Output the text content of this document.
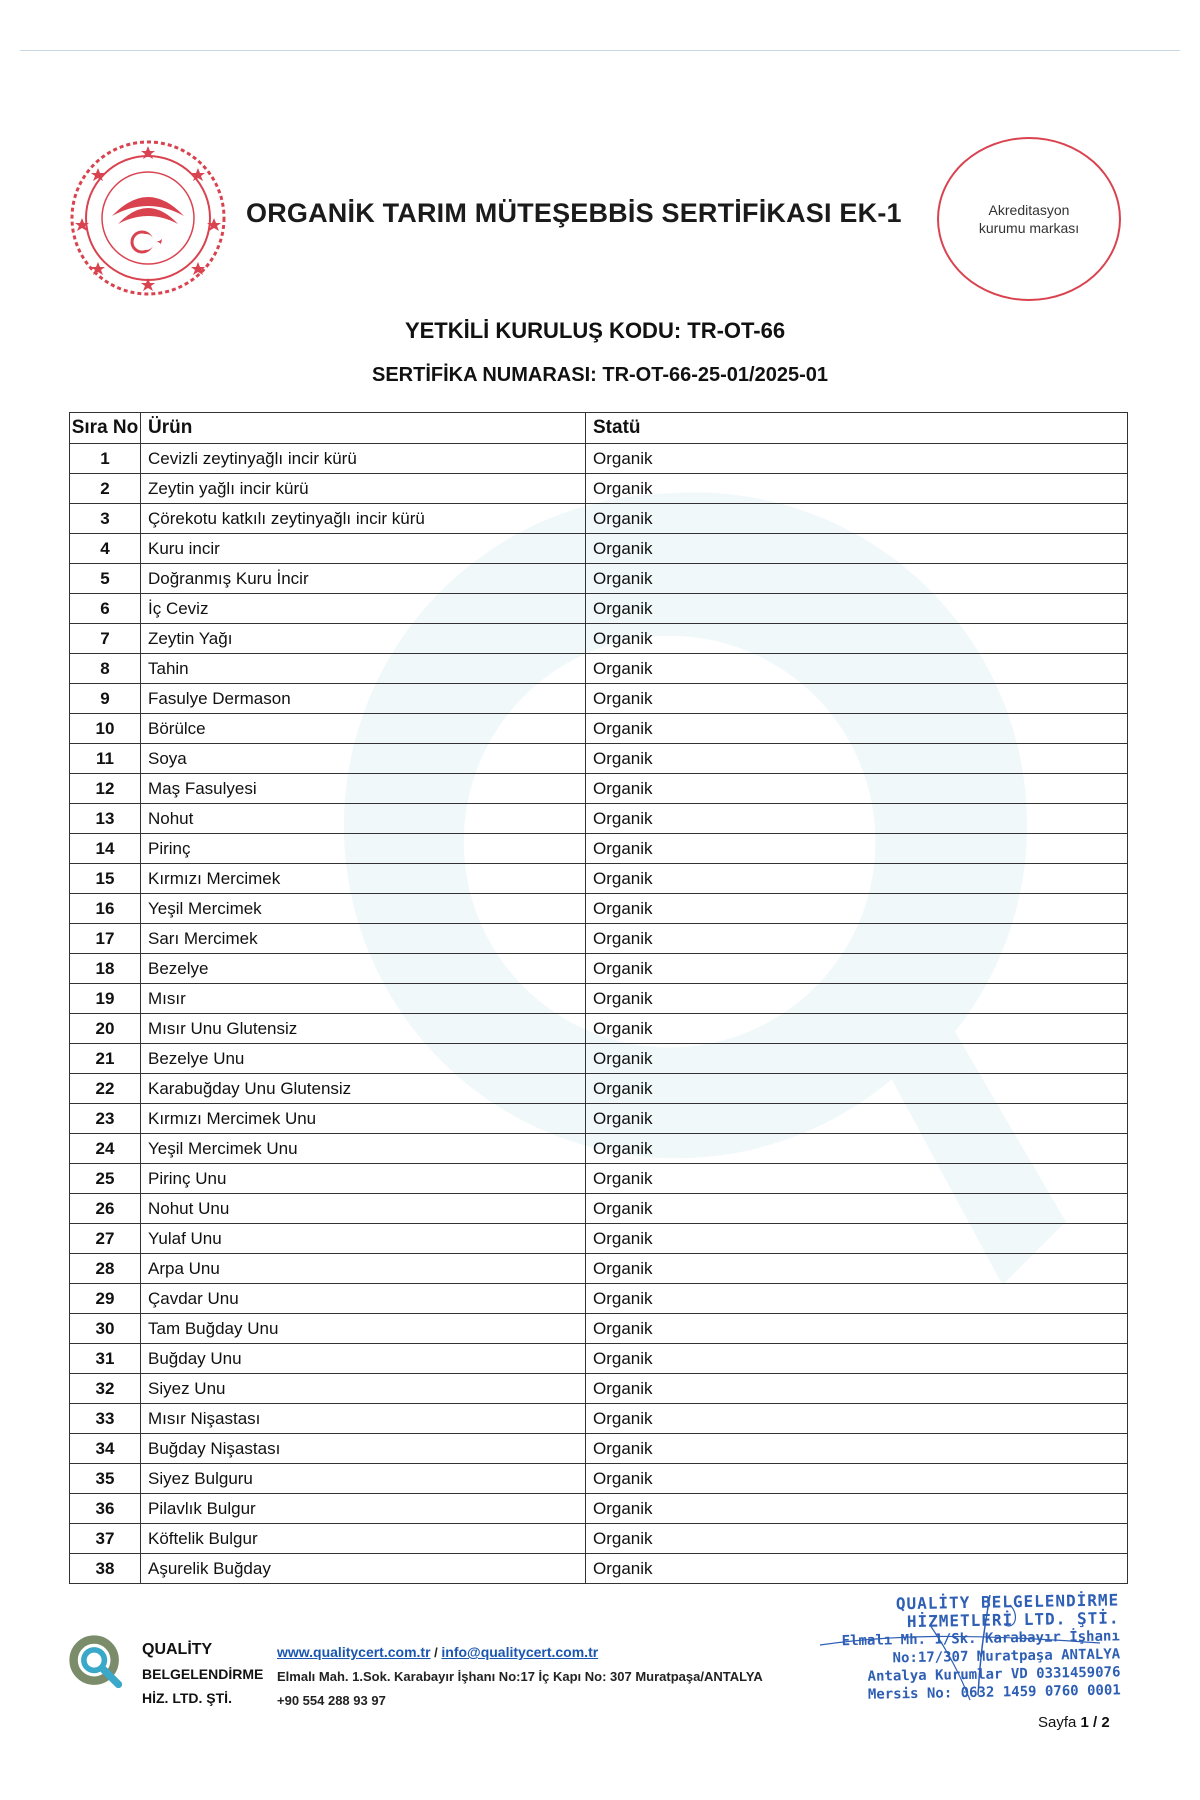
ORGANİK TARIM MÜTEŞEBBİS SERTİFİKASI EK-1	Akreditasyon kurumu markası
YETKİLİ KURULUŞ KODU: TR-OT-66
SERTİFİKA NUMARASI: TR-OT-66-25-01/2025-01
Sıra No	Ürün	Statü
1	Cevizli zeytinyağlı incir kürü	Organik
2	Zeytin yağlı incir kürü	Organik
3	Çörekotu katkılı zeytinyağlı incir kürü	Organik
4	Kuru incir	Organik
5	Doğranmış Kuru İncir	Organik
6	İç Ceviz	Organik
7	Zeytin Yağı	Organik
8	Tahin	Organik
9	Fasulye Dermason	Organik
10	Börülce	Organik
11	Soya	Organik
12	Maş Fasulyesi	Organik
13	Nohut	Organik
14	Pirinç	Organik
15	Kırmızı Mercimek	Organik
16	Yeşil Mercimek	Organik
17	Sarı Mercimek	Organik
18	Bezelye	Organik
19	Mısır	Organik
20	Mısır Unu Glutensiz	Organik
21	Bezelye Unu	Organik
22	Karabuğday Unu Glutensiz	Organik
23	Kırmızı Mercimek Unu	Organik
24	Yeşil Mercimek Unu	Organik
25	Pirinç Unu	Organik
26	Nohut Unu	Organik
27	Yulaf Unu	Organik
28	Arpa Unu	Organik
29	Çavdar Unu	Organik
30	Tam Buğday Unu	Organik
31	Buğday Unu	Organik
32	Siyez Unu	Organik
33	Mısır Nişastası	Organik
34	Buğday Nişastası	Organik
35	Siyez Bulguru	Organik
36	Pilavlık Bulgur	Organik
37	Köftelik Bulgur	Organik
38	Aşurelik Buğday	Organik
QUALİTY
BELGELENDİRME
HİZ. LTD. ŞTİ.
www.qualitycert.com.tr / info@qualitycert.com.tr
Elmalı Mah. 1.Sok. Karabayır İşhanı No:17 İç Kapı No: 307 Muratpaşa/ANTALYA
+90 554 288 93 97
QUALİTY BELGELENDİRME
HİZMETLERİ LTD. ŞTİ.
Elmalı Mh. 1/Sk. Karabayır İşhanı
No:17/307 Muratpaşa ANTALYA
Antalya Kurumlar VD 0331459076
Mersis No: 0632 1459 0760 0001
Sayfa 1 / 2
